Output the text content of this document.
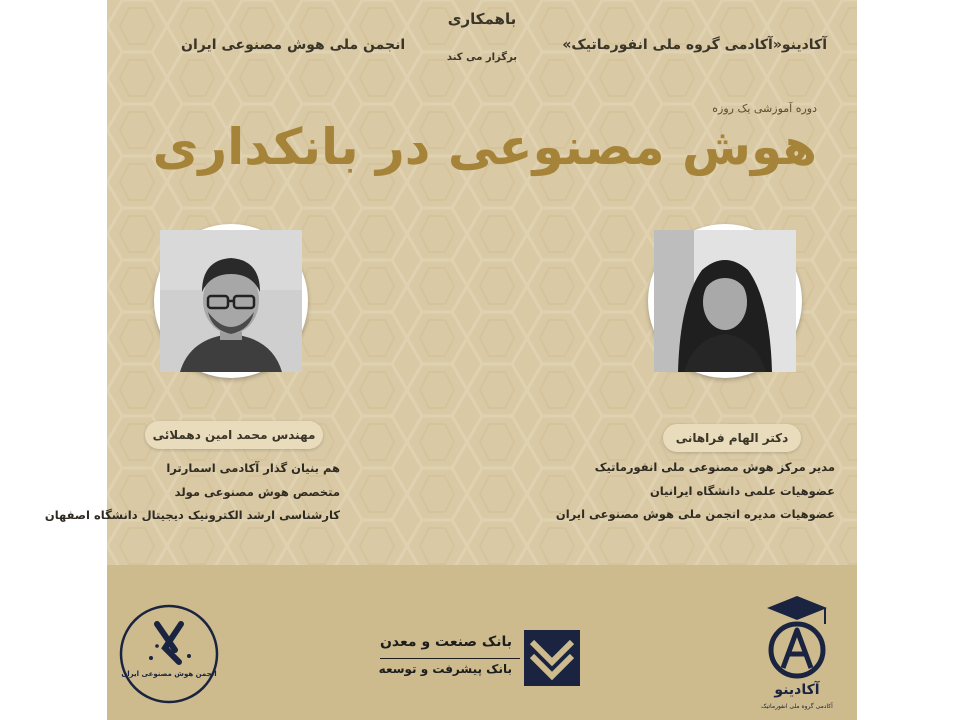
باهمکاری
برگزار می کند
آکادینو«آکادمی گروه ملی انفورماتیک»
انجمن ملی هوش مصنوعی ایران
دوره آموزشی یک روزه
هوش مصنوعی در بانکداری
مهندس محمد امین دهملائی	دکتر الهام فراهانی
هم بنیان گذار آکادمی اسمارترا
متخصص هوش مصنوعی مولد
کارشناسی ارشد الکترونیک دیجیتال دانشگاه اصفهان
مدیر مرکز هوش مصنوعی ملی انفورماتیک
عضوهیات علمی دانشگاه ایرانیان
عضوهیات مدیره انجمن ملی هوش مصنوعی ایران
انجمن هوش مصنوعی ایران
بانک صنعت و معدن
بانک پیشرفت و توسعه
آکادینو
آکادمی گروه ملی انفورماتیک
